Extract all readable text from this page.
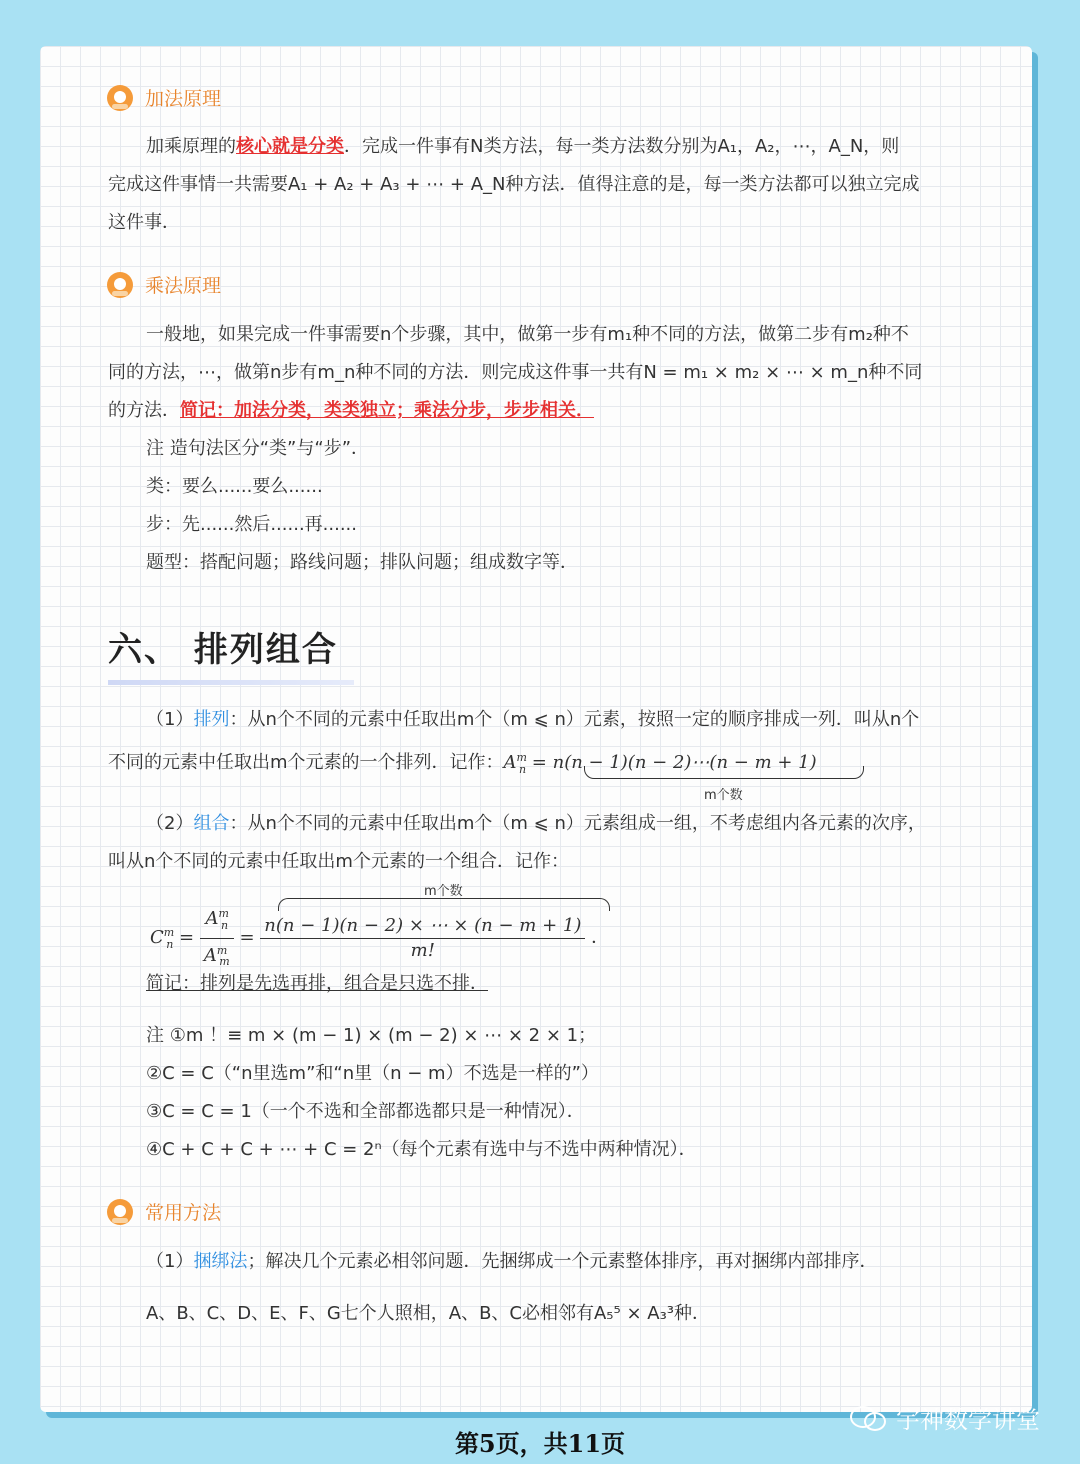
加法原理
加乘原理的核心就是分类．完成一件事有N类方法，每一类方法数分别为A₁，A₂，⋯，A_N，则
完成这件事情一共需要A₁ + A₂ + A₃ + ⋯ + A_N种方法．值得注意的是，每一类方法都可以独立完成
这件事．
乘法原理
一般地，如果完成一件事需要n个步骤，其中，做第一步有m₁种不同的方法，做第二步有m₂种不
同的方法，⋯，做第n步有m_n种不同的方法．则完成这件事一共有N = m₁ × m₂ × ⋯ × m_n种不同
的方法．简记：加法分类，类类独立；乘法分步，步步相关．
注 造句法区分“类”与“步”．
类：要么......要么......
步：先......然后......再......
题型：搭配问题；路线问题；排队问题；组成数字等．
六、 排列组合
（1）排列：从n个不同的元素中任取出m个（m ⩽ n）元素，按照一定的顺序排成一列．叫从n个
不同的元素中任取出m个元素的一个排列．记作：$A^m_n = n(n - 1)(n$ − 2)⋯(n − m + 1)
m个数
（2）组合：从n个不同的元素中任取出m个（m ⩽ n）元素组成一组，不考虑组内各元素的次序，
叫从n个不同的元素中任取出m个元素的一个组合．记作：
m个数
$C^m_n = \frac{A^m_n}{A^m_m} = \frac{n(n - 1)(n - 2) \times \cdots \times (n - m + 1)}{m!}$ ．
简记：排列是先选再排，组合是只选不排．
注 ①m ！≡ m × (m − 1) × (m − 2) × ⋯ × 2 × 1；
②C = C（“n里选m”和“n里（n − m）不选是一样的”）
③C = C = 1（一个不选和全部都选都只是一种情况）．
④C + C + C + ⋯ + C = 2ⁿ（每个元素有选中与不选中两种情况）．
常用方法
（1）捆绑法；解决几个元素必相邻问题．先捆绑成一个元素整体排序，再对捆绑内部排序．
A、B、C、D、E、F、G七个人照相，A、B、C必相邻有A₅⁵ × A₃³种．
第5页，共11页
宇神数学讲堂
